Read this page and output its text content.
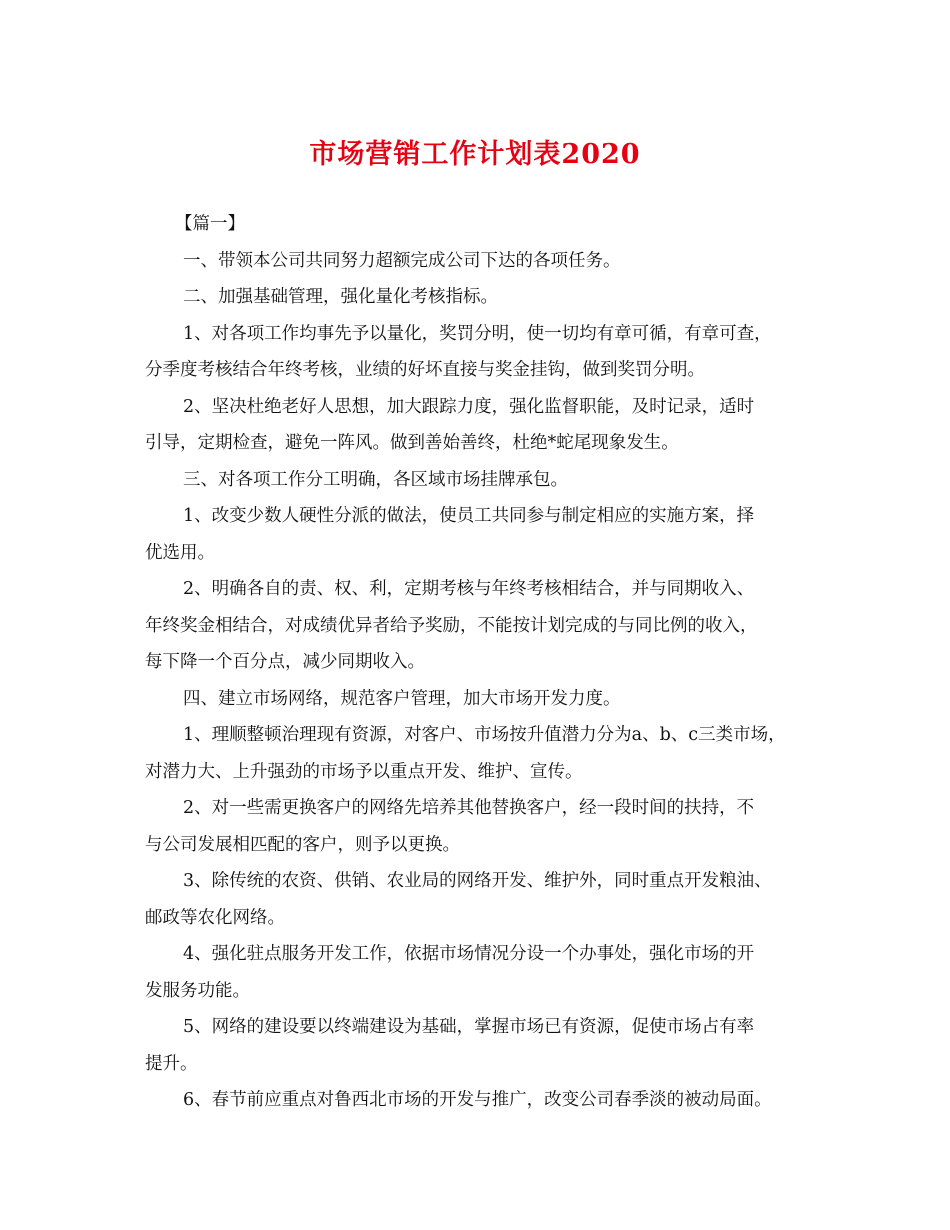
市场营销工作计划表2020
【篇一】
一、带领本公司共同努力超额完成公司下达的各项任务。
二、加强基础管理，强化量化考核指标。
1、对各项工作均事先予以量化，奖罚分明，使一切均有章可循，有章可查，
分季度考核结合年终考核，业绩的好坏直接与奖金挂钩，做到奖罚分明。
2、坚决杜绝老好人思想，加大跟踪力度，强化监督职能，及时记录，适时
引导，定期检查，避免一阵风。做到善始善终，杜绝*蛇尾现象发生。
三、对各项工作分工明确，各区域市场挂牌承包。
1、改变少数人硬性分派的做法，使员工共同参与制定相应的实施方案，择
优选用。
2、明确各自的责、权、利，定期考核与年终考核相结合，并与同期收入、
年终奖金相结合，对成绩优异者给予奖励，不能按计划完成的与同比例的收入，
每下降一个百分点，减少同期收入。
四、建立市场网络，规范客户管理，加大市场开发力度。
1、理顺整顿治理现有资源，对客户、市场按升值潜力分为a、b、c三类市场，
对潜力大、上升强劲的市场予以重点开发、维护、宣传。
2、对一些需更换客户的网络先培养其他替换客户，经一段时间的扶持，不
与公司发展相匹配的客户，则予以更换。
3、除传统的农资、供销、农业局的网络开发、维护外，同时重点开发粮油、
邮政等农化网络。
4、强化驻点服务开发工作，依据市场情况分设一个办事处，强化市场的开
发服务功能。
5、网络的建设要以终端建设为基础，掌握市场已有资源，促使市场占有率
提升。
6、春节前应重点对鲁西北市场的开发与推广，改变公司春季淡的被动局面。
